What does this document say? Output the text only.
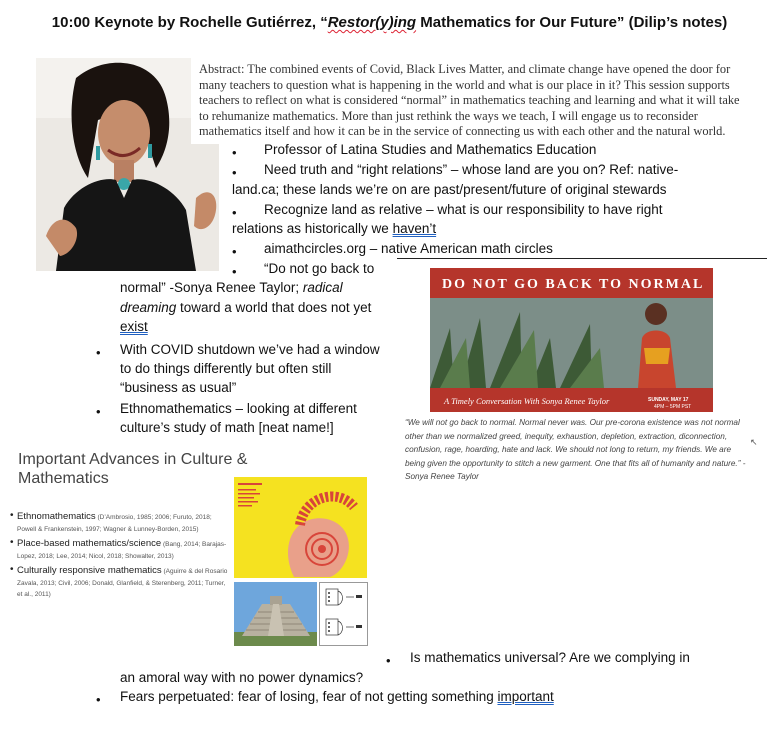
10:00 Keynote by Rochelle Gutiérrez, “Restor(y)ing Mathematics for Our Future” (Dilip’s notes)
Abstract: The combined events of Covid, Black Lives Matter, and climate change have opened the door for many teachers to question what is happening in the world and what is our place in it? This session supports teachers to reflect on what is considered “normal” in mathematics teaching and learning and what it will take to rehumanize mathematics. More than just rethink the ways we teach, I will engage us to reconsider mathematics itself and how it can be in the service of connecting us with each other and the natural world.
• Professor of Latina Studies and Mathematics Education
• Need truth and “right relations” – whose land are you on? Ref: native-
land.ca; these lands we’re on are past/present/future of original stewards
• Recognize land as relative – what is our responsibility to have right
relations as historically we haven’t
• aimathcircles.org – native American math circles
• “Do not go back to
normal” -Sonya Renee Taylor; radical
dreaming toward a world that does not yet
exist
• With COVID shutdown we’ve had a window
to do things differently but often still
“business as usual”
• Ethnomathematics – looking at different
culture’s study of math [neat name!]
• Is mathematics universal? Are we complying in
an amoral way with no power dynamics?
• Fears perpetuated: fear of losing, fear of not getting something important
DO NOT GO BACK TO NORMAL
A Timely Conversation With Sonya Renee Taylor	SUNDAY, MAY 17
4PM – 5PM PST
“We will not go back to normal. Normal never was. Our pre-corona existence was not normal other than we normalized greed, inequity, exhaustion, depletion, extraction, diconnection, confusion, rage, hoarding, hate and lack. We should not long to return, my friends. We are being given the opportunity to stitch a new garment. One that fits all of humanity and nature.” - Sonya Renee Taylor
↖
Important Advances in Culture &
Mathematics
• Ethnomathematics (D’Ambrosio, 1985; 2006; Furuto, 2018; Powell & Frankenstein, 1997; Wagner & Lunney-Borden, 2015)
• Place-based mathematics/science (Bang, 2014; Barajas-Lopez, 2018; Lee, 2014; Nicol, 2018; Showalter, 2013)
• Culturally responsive mathematics (Aguirre & del Rosario Zavala, 2013; Civil, 2006; Donald, Glanfield, & Sterenberg, 2011; Turner, et al., 2011)
